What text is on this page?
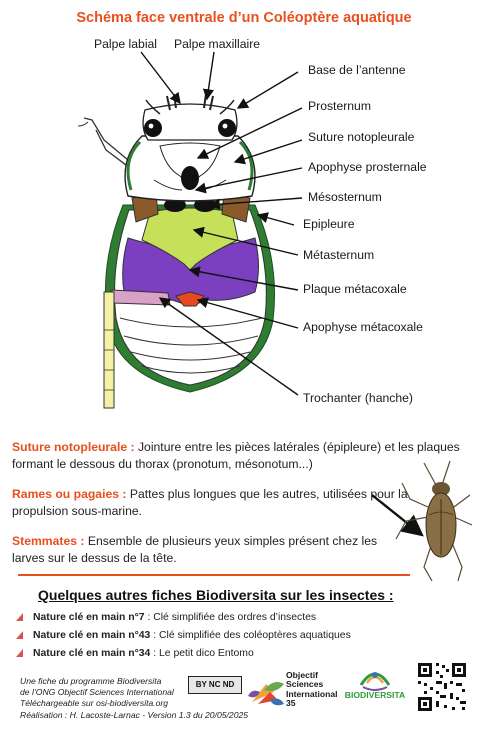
Schéma face ventrale d’un Coléoptère aquatique
Palpe labial Palpe maxillaire
Base de l’antenne
Prosternum
Suture notopleurale
Apophyse prosternale
Mésosternum
Epipleure
Métasternum
Plaque métacoxale
Apophyse métacoxale
Trochanter (hanche)
Suture notopleurale : Jointure entre les pièces latérales (épipleure) et les plaques formant le dessous du thorax (pronotum, mésonotum...)
Rames ou pagaies : Pattes plus longues que les autres, utilisées pour la propulsion sous-marine.
Stemmates : Ensemble de plusieurs yeux simples présent chez les larves sur le dessus de la tête.
Quelques autres fiches Biodiversita sur les insectes :
Nature clé en main n°7 : Clé simplifiée des ordres d’insectes
Nature clé en main n°43 : Clé simplifiée des coléoptères aquatiques
Nature clé en main n°34 : Le petit dico Entomo
Une fiche du programme Biodiversita
de l’ONG Objectif Sciences International
Téléchargeable sur osi-biodiversita.org
Réalisation : H. Lacoste-Larnac - Version 1.3 du 20/05/2025
BY NC ND
Objectif
Sciences
International
35
BIODIVERSITA
